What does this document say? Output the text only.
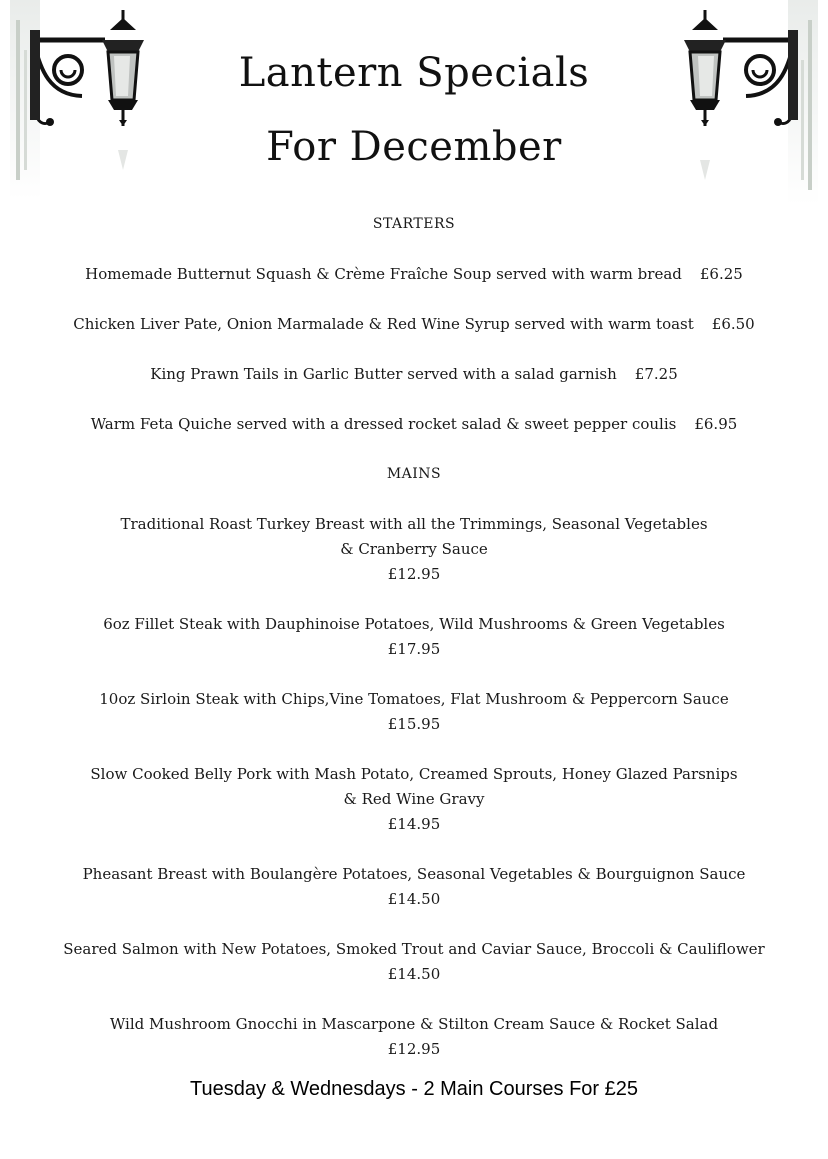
Lantern Specials
For December
STARTERS
Homemade Butternut Squash & Crème Fraîche Soup served with warm bread £6.25
Chicken Liver Pate, Onion Marmalade & Red Wine Syrup served with warm toast £6.50
King Prawn Tails in Garlic Butter served with a salad garnish £7.25
Warm Feta Quiche served with a dressed rocket salad & sweet pepper coulis £6.95
MAINS
Traditional Roast Turkey Breast with all the Trimmings, Seasonal Vegetables
& Cranberry Sauce
£12.95
6oz Fillet Steak with Dauphinoise Potatoes, Wild Mushrooms & Green Vegetables
£17.95
10oz Sirloin Steak with Chips,Vine Tomatoes, Flat Mushroom & Peppercorn Sauce
£15.95
Slow Cooked Belly Pork with Mash Potato, Creamed Sprouts, Honey Glazed Parsnips
& Red Wine Gravy
£14.95
Pheasant Breast with Boulangère Potatoes, Seasonal Vegetables & Bourguignon Sauce
£14.50
Seared Salmon with New Potatoes, Smoked Trout and Caviar Sauce, Broccoli & Cauliflower
£14.50
Wild Mushroom Gnocchi in Mascarpone & Stilton Cream Sauce & Rocket Salad
£12.95
Tuesday & Wednesdays - 2 Main Courses For £25
